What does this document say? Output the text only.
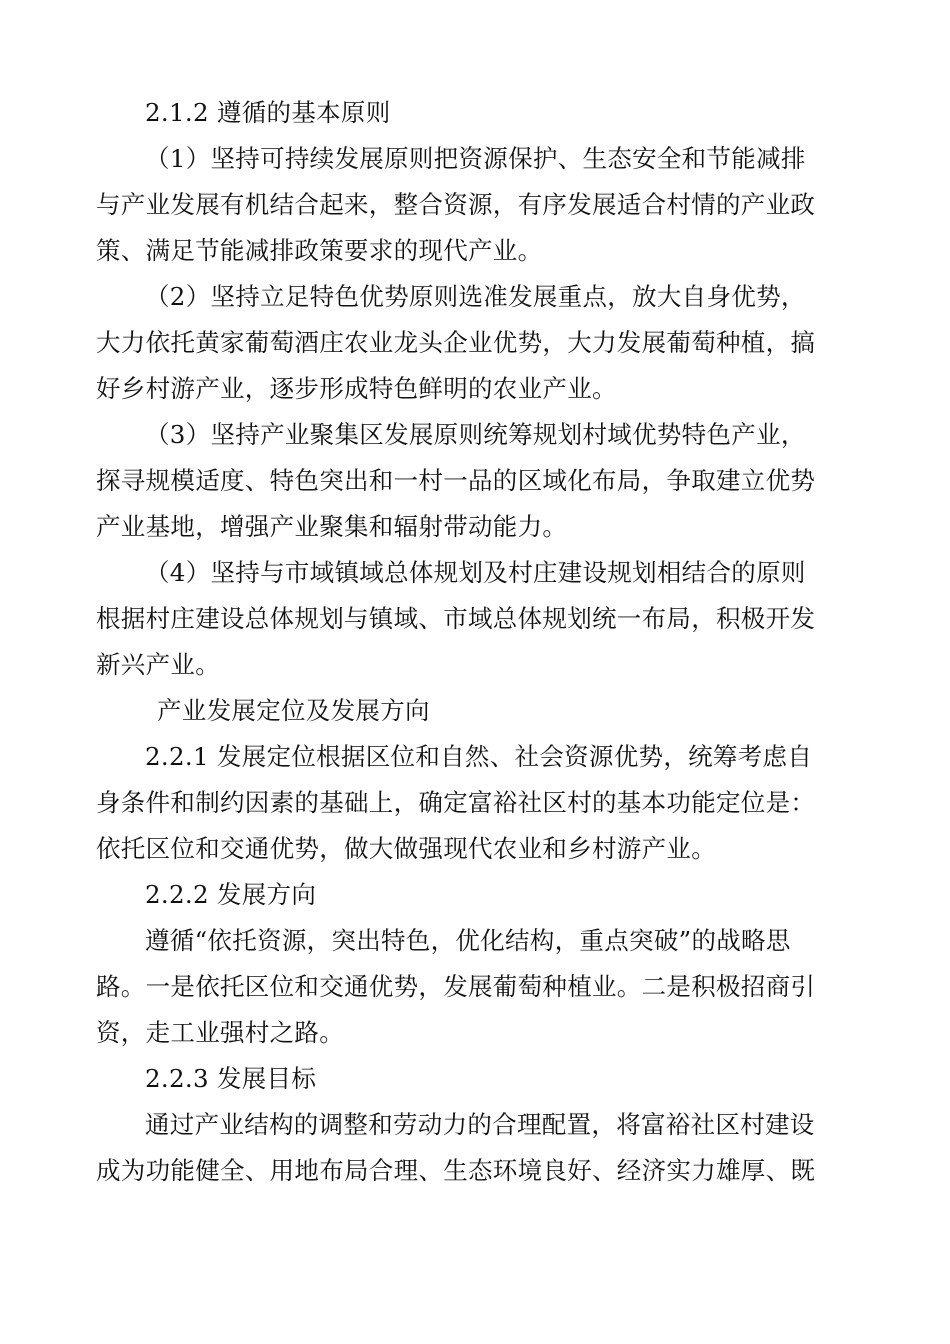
2.1.2 遵循的基本原则
（1）坚持可持续发展原则把资源保护、生态安全和节能减排
与产业发展有机结合起来，整合资源，有序发展适合村情的产业政
策、满足节能减排政策要求的现代产业。
（2）坚持立足特色优势原则选准发展重点，放大自身优势，
大力依托黄家葡萄酒庄农业龙头企业优势，大力发展葡萄种植，搞
好乡村游产业，逐步形成特色鲜明的农业产业。
（3）坚持产业聚集区发展原则统筹规划村域优势特色产业，
探寻规模适度、特色突出和一村一品的区域化布局，争取建立优势
产业基地，增强产业聚集和辐射带动能力。
（4）坚持与市域镇域总体规划及村庄建设规划相结合的原则
根据村庄建设总体规划与镇域、市域总体规划统一布局，积极开发
新兴产业。
产业发展定位及发展方向
2.2.1 发展定位根据区位和自然、社会资源优势，统筹考虑自
身条件和制约因素的基础上，确定富裕社区村的基本功能定位是：
依托区位和交通优势，做大做强现代农业和乡村游产业。
2.2.2 发展方向
遵循“依托资源，突出特色，优化结构，重点突破”的战略思
路。一是依托区位和交通优势，发展葡萄种植业。二是积极招商引
资，走工业强村之路。
2.2.3 发展目标
通过产业结构的调整和劳动力的合理配置，将富裕社区村建设
成为功能健全、用地布局合理、生态环境良好、经济实力雄厚、既
